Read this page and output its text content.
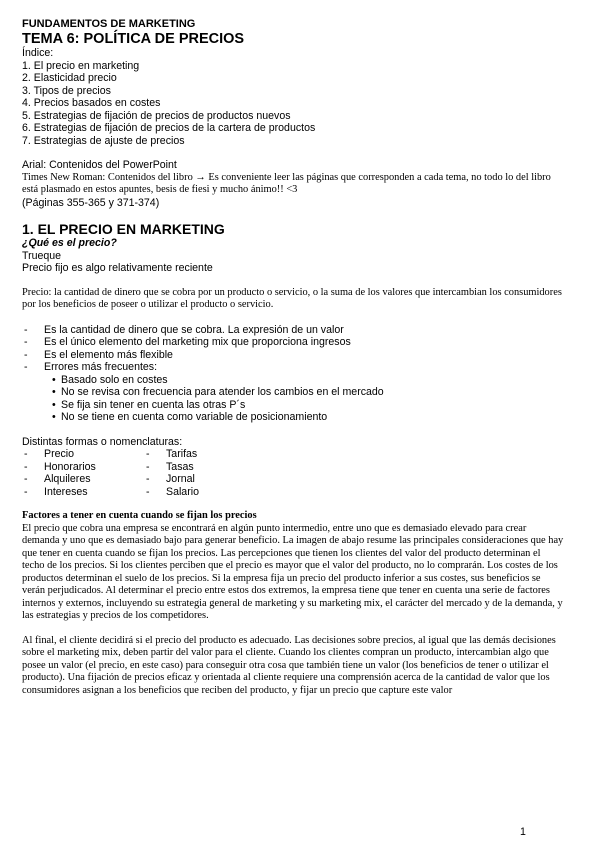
FUNDAMENTOS DE MARKETING
TEMA 6: POLÍTICA DE PRECIOS
Índice:
1. El precio en marketing
2. Elasticidad precio
3. Tipos de precios
4. Precios basados en costes
5. Estrategias de fijación de precios de productos nuevos
6. Estrategias de fijación de precios de la cartera de productos
7. Estrategias de ajuste de precios
Arial: Contenidos del PowerPoint
Times New Roman: Contenidos del libro → Es conveniente leer las páginas que corresponden a cada tema, no todo lo del libro está plasmado en estos apuntes, besis de fiesi y mucho ánimo!! <3
(Páginas 355-365 y 371-374)
1. EL PRECIO EN MARKETING
¿Qué es el precio?
Trueque
Precio fijo es algo relativamente reciente
Precio: la cantidad de dinero que se cobra por un producto o servicio, o la suma de los valores que intercambian los consumidores por los beneficios de poseer o utilizar el producto o servicio.
- Es la cantidad de dinero que se cobra. La expresión de un valor
- Es el único elemento del marketing mix que proporciona ingresos
- Es el elemento más flexible
- Errores más frecuentes:
• Basado solo en costes
• No se revisa con frecuencia para atender los cambios en el mercado
• Se fija sin tener en cuenta las otras P´s
• No se tiene en cuenta como variable de posicionamiento
Distintas formas o nomenclaturas:
- Precio
- Honorarios
- Alquileres
- Intereses
- Tarifas
- Tasas
- Jornal
- Salario
Factores a tener en cuenta cuando se fijan los precios
El precio que cobra una empresa se encontrará en algún punto intermedio, entre uno que es demasiado elevado para crear demanda y uno que es demasiado bajo para generar beneficio. La imagen de abajo resume las principales consideraciones que hay que tener en cuenta cuando se fijan los precios. Las percepciones que tienen los clientes del valor del producto determinan el techo de los precios. Si los clientes perciben que el precio es mayor que el valor del producto, no lo comprarán. Los costes de los productos determinan el suelo de los precios. Si la empresa fija un precio del producto inferior a sus costes, sus beneficios se verán perjudicados. Al determinar el precio entre estos dos extremos, la empresa tiene que tener en cuenta una serie de factores internos y externos, incluyendo su estrategia general de marketing y su marketing mix, el carácter del mercado y de la demanda, y las estrategias y precios de los competidores.
Al final, el cliente decidirá si el precio del producto es adecuado. Las decisiones sobre precios, al igual que las demás decisiones sobre el marketing mix, deben partir del valor para el cliente. Cuando los clientes compran un producto, intercambian algo que posee un valor (el precio, en este caso) para conseguir otra cosa que también tiene un valor (los beneficios de tener o utilizar el producto). Una fijación de precios eficaz y orientada al cliente requiere una comprensión acerca de la cantidad de valor que los consumidores asignan a los beneficios que reciben del producto, y fijar un precio que capture este valor
1
